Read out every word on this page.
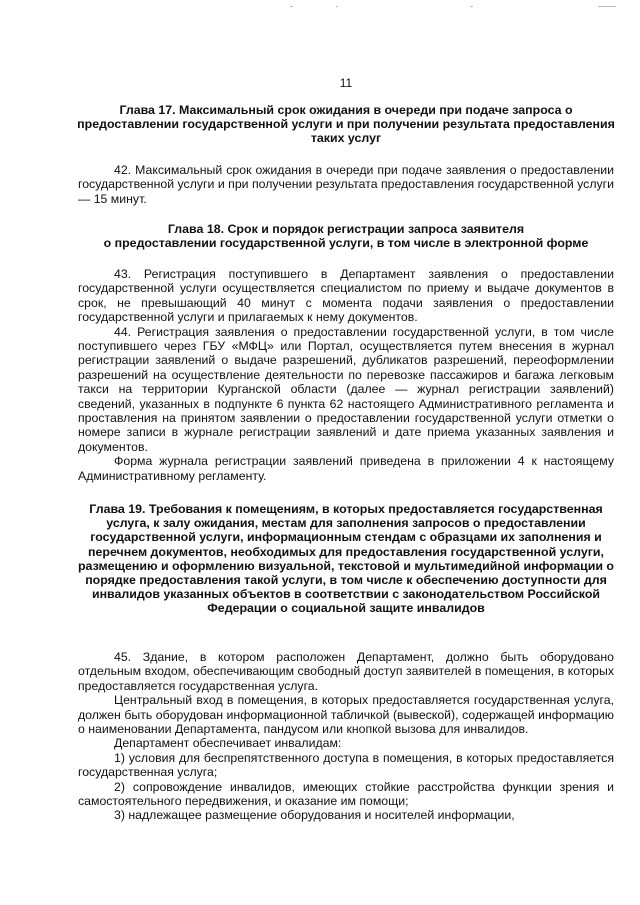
11
Глава 17. Максимальный срок ожидания в очереди при подаче запроса о предоставлении государственной услуги и при получении результата предоставления таких услуг

42. Максимальный срок ожидания в очереди при подаче заявления о предоставлении государственной услуги и при получении результата предоставления государственной услуги — 15 минут.

Глава 18. Срок и порядок регистрации запроса заявителя
о предоставлении государственной услуги, в том числе в электронной форме

43. Регистрация поступившего в Департамент заявления о предоставлении государственной услуги осуществляется специалистом по приему и выдаче документов в срок, не превышающий 40 минут с момента подачи заявления о предоставлении государственной услуги и прилагаемых к нему документов.

44. Регистрация заявления о предоставлении государственной услуги, в том числе поступившего через ГБУ «МФЦ» или Портал, осуществляется путем внесения в журнал регистрации заявлений о выдаче разрешений, дубликатов разрешений, переоформлении разрешений на осуществление деятельности по перевозке пассажиров и багажа легковым такси на территории Курганской области (далее — журнал регистрации заявлений) сведений, указанных в подпункте 6 пункта 62 настоящего Административного регламента и проставления на принятом заявлении о предоставлении государственной услуги отметки о номере записи в журнале регистрации заявлений и дате приема указанных заявления и документов.

Форма журнала регистрации заявлений приведена в приложении 4 к настоящему Административному регламенту.

Глава 19. Требования к помещениям, в которых предоставляется государственная услуга, к залу ожидания, местам для заполнения запросов о предоставлении государственной услуги, информационным стендам с образцами их заполнения и перечнем документов, необходимых для предоставления государственной услуги, размещению и оформлению визуальной, текстовой и мультимедийной информации о порядке предоставления такой услуги, в том числе к обеспечению доступности для инвалидов указанных объектов в соответствии с законодательством Российской Федерации о социальной защите инвалидов

45. Здание, в котором расположен Департамент, должно быть оборудовано отдельным входом, обеспечивающим свободный доступ заявителей в помещения, в которых предоставляется государственная услуга.

Центральный вход в помещения, в которых предоставляется государственная услуга, должен быть оборудован информационной табличкой (вывеской), содержащей информацию о наименовании Департамента, пандусом или кнопкой вызова для инвалидов.

Департамент обеспечивает инвалидам:

1) условия для беспрепятственного доступа в помещения, в которых предоставляется государственная услуга;

2) сопровождение инвалидов, имеющих стойкие расстройства функции зрения и самостоятельного передвижения, и оказание им помощи;

3) надлежащее размещение оборудования и носителей информации,
